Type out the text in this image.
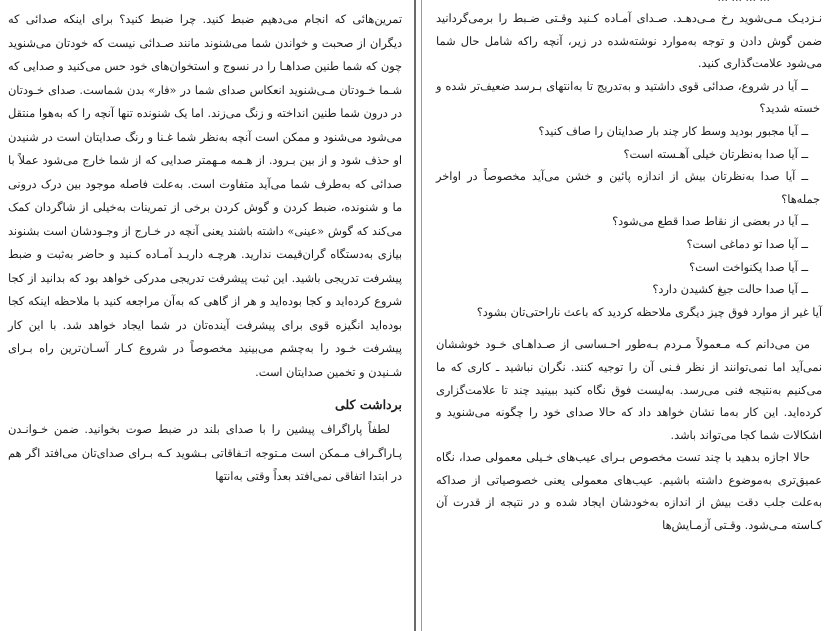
تمرین‌هائی که انجام می‌دهیم ضبط کنید. چرا ضبط کنید؟ برای اینکه صدائی که دیگران از صحبت و خواندن شما می‌شنوند مانند صـدائی نیست که خودتان می‌شنوید چون که شما طنین صداهـا را در نسوج و استخوان‌های خود حس می‌کنید و صدایی که شـما خـودتان مـی‌شنوید انعکاس صدای شما در «فار» بدن شماست. صدای خـودتان در درون شما طنین انداخته و زنگ می‌زند. اما یک شنونده تنها آنچه را که به‌هوا منتقل می‌شود می‌شنود و ممکن است آنچه به‌نظر شما غـنا و رنگ صدایتان است در شنیدن او حذف شود و از بین بـرود. از هـمه مـهمتر صدایی که از شما خارج می‌شود عملاً با صدائی که به‌طرف شما می‌آید متفاوت است. به‌علت فاصله موجود بین درک درونی ما و شنونده، ضبط کردن و گوش کردن برخی از تمرینات به‌خیلی از شاگردان کمک می‌کند که گوش «عینی» داشته باشند یعنی آنچه در خـارج از وجـودشان است بشنوند بیازی به‌دستگاه گران‌قیمت ندارید. هرچـه داریـد آمـاده کـنید و حاضر به‌ثبت و ضبط پیشرفت تدریجی باشید. این ثبت پیشرفت تدریجی مدرکی خواهد بود که بدانید از کجا شروع کرده‌اید و کجا بوده‌اید و هر از گاهی که به‌آن مراجعه کنید با ملاحظه اینکه کجا بوده‌اید انگیزه قوی برای پیشرفت آینده‌تان در شما ایجاد خواهد شد. با این کار پیشرفت خـود را به‌چشم می‌بینید مخصوصاً در شروع کـار آسـان‌ترین راه بـرای شـنیدن و تخمین صدایتان است.

برداشت کلی

لطفاً پاراگراف پیشین را با صدای بلند در ضبط صوت بخوانید. ضمن خـوانـدن پـاراگـراف مـمکن است مـتوجه اتـفاقاتی بـشوید کـه بـرای صدای‌تان می‌افتد اگر هم در ابتدا اتفاقی نمی‌افتد بعداً وقتی به‌انتها

نـزدیـک مـی‌شوید رخ مـی‌دهـد. صـدای آمـاده کـنید وقـتی ضـبط را برمی‌گردانید ضمن گوش دادن و توجه به‌موارد نوشته‌شده در زیر، آنچه راکه شامل حال شما می‌شود علامت‌گذاری کنید.

ــ آیا در شروع، صدائی قوی داشتید و به‌تدریج تا به‌انتهای بـرسد ضعیف‌تر شده و خسته شدید؟

ــ آیا مجبور بودید وسط کار چند بار صدایتان را صاف کنید؟

ــ آیا صدا به‌نظرتان خیلی آهـسته است؟

ــ آیا صدا به‌نظرتان بیش از اندازه پائین و خشن می‌آید مخصوصاً در اواخر جمله‌ها؟

ــ آیا در بعضی از نقاط صدا قطع می‌شود؟

ــ آیا صدا تو دماغی است؟

ــ آیا صدا یکنواخت است؟

ــ آیا صدا حالت جیغ کشیدن دارد؟

آیا غیر از موارد فوق چیز دیگری ملاحظه کردید که باعث ناراحتی‌تان بشود؟

من می‌دانم کـه مـعمولاً مـردم بـه‌طور احـساسی از صـداهـای خـود خوششان نمی‌آید اما نمی‌توانند از نظر فـنی آن را توجیه کنند. نگران نباشید ـ کاری که ما می‌کنیم به‌نتیجه فنی می‌رسد. به‌لیست فوق نگاه کنید ببینید چند تا علامت‌گزاری کرده‌اید. این کار به‌ما نشان خواهد داد که حالا صدای خود را چگونه می‌شنوید و اشکالات شما کجا می‌تواند باشد.

حالا اجازه بدهید با چند تست مخصوص بـرای عیب‌های خـیلی معمولی صدا، نگاه عمیق‌تری به‌موضوع داشته باشیم. عیب‌های معمولی یعنی خصوصیاتی از صداکه به‌علت جلب دقت بیش از اندازه به‌خودشان ایجاد شده و در نتیجه از قدرت آن کـاسته مـی‌شود. وقـتی آزمـایش‌ها
